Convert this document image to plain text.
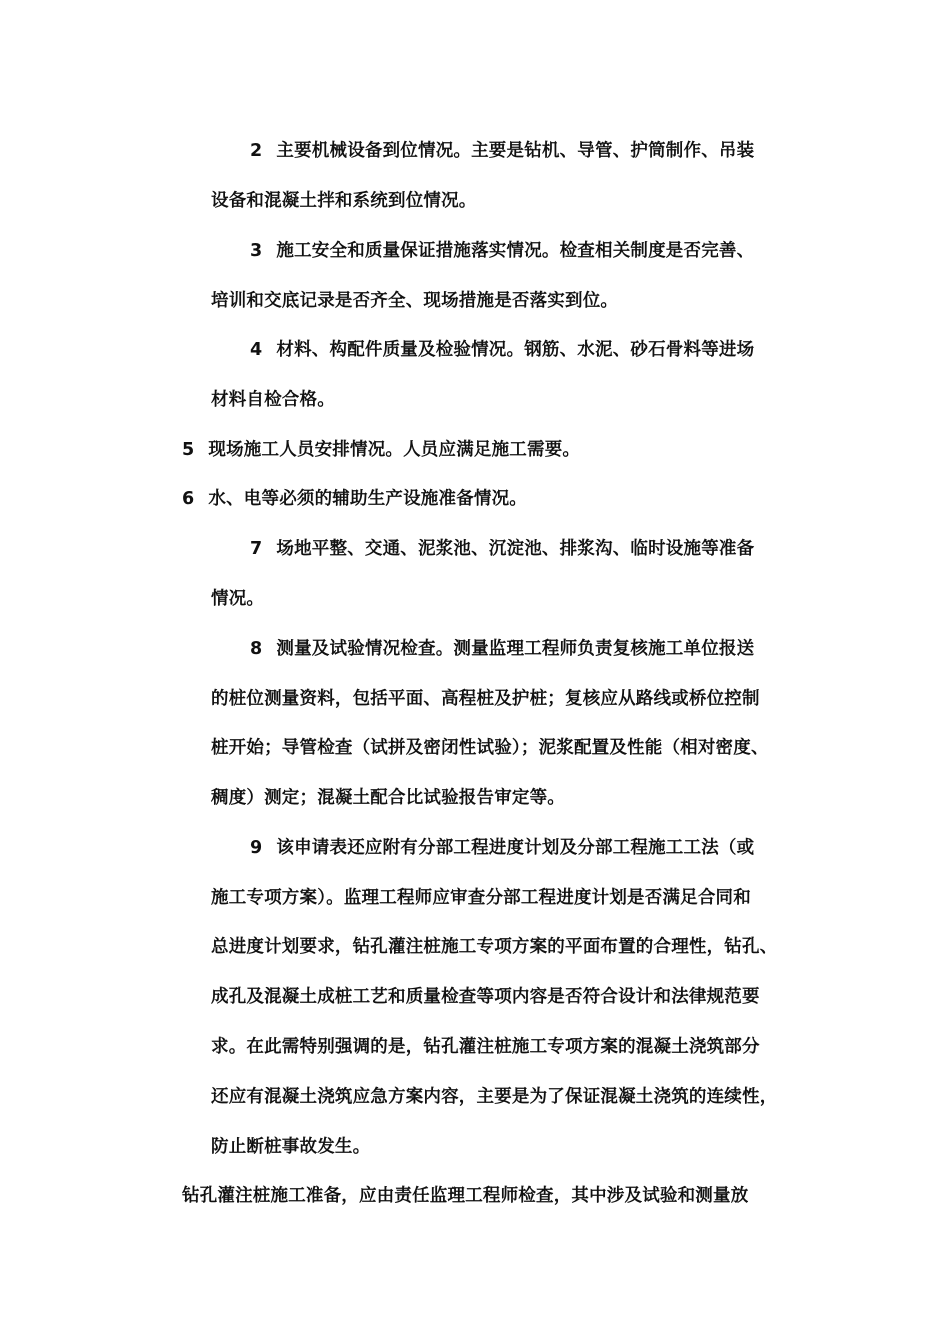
2 主要机械设备到位情况。主要是钻机、导管、护筒制作、吊装
设备和混凝土拌和系统到位情况。
3 施工安全和质量保证措施落实情况。检查相关制度是否完善、
培训和交底记录是否齐全、现场措施是否落实到位。
4 材料、构配件质量及检验情况。钢筋、水泥、砂石骨料等进场
材料自检合格。
5 现场施工人员安排情况。人员应满足施工需要。
6 水、电等必须的辅助生产设施准备情况。
7 场地平整、交通、泥浆池、沉淀池、排浆沟、临时设施等准备
情况。
8 测量及试验情况检查。测量监理工程师负责复核施工单位报送
的桩位测量资料，包括平面、高程桩及护桩；复核应从路线或桥位控制
桩开始；导管检查（试拼及密闭性试验）；泥浆配置及性能（相对密度、
稠度）测定；混凝土配合比试验报告审定等。
9 该申请表还应附有分部工程进度计划及分部工程施工工法（或
施工专项方案）。监理工程师应审查分部工程进度计划是否满足合同和
总进度计划要求，钻孔灌注桩施工专项方案的平面布置的合理性，钻孔、
成孔及混凝土成桩工艺和质量检查等项内容是否符合设计和法律规范要
求。在此需特别强调的是，钻孔灌注桩施工专项方案的混凝土浇筑部分
还应有混凝土浇筑应急方案内容，主要是为了保证混凝土浇筑的连续性，
防止断桩事故发生。
钻孔灌注桩施工准备，应由责任监理工程师检查，其中涉及试验和测量放
